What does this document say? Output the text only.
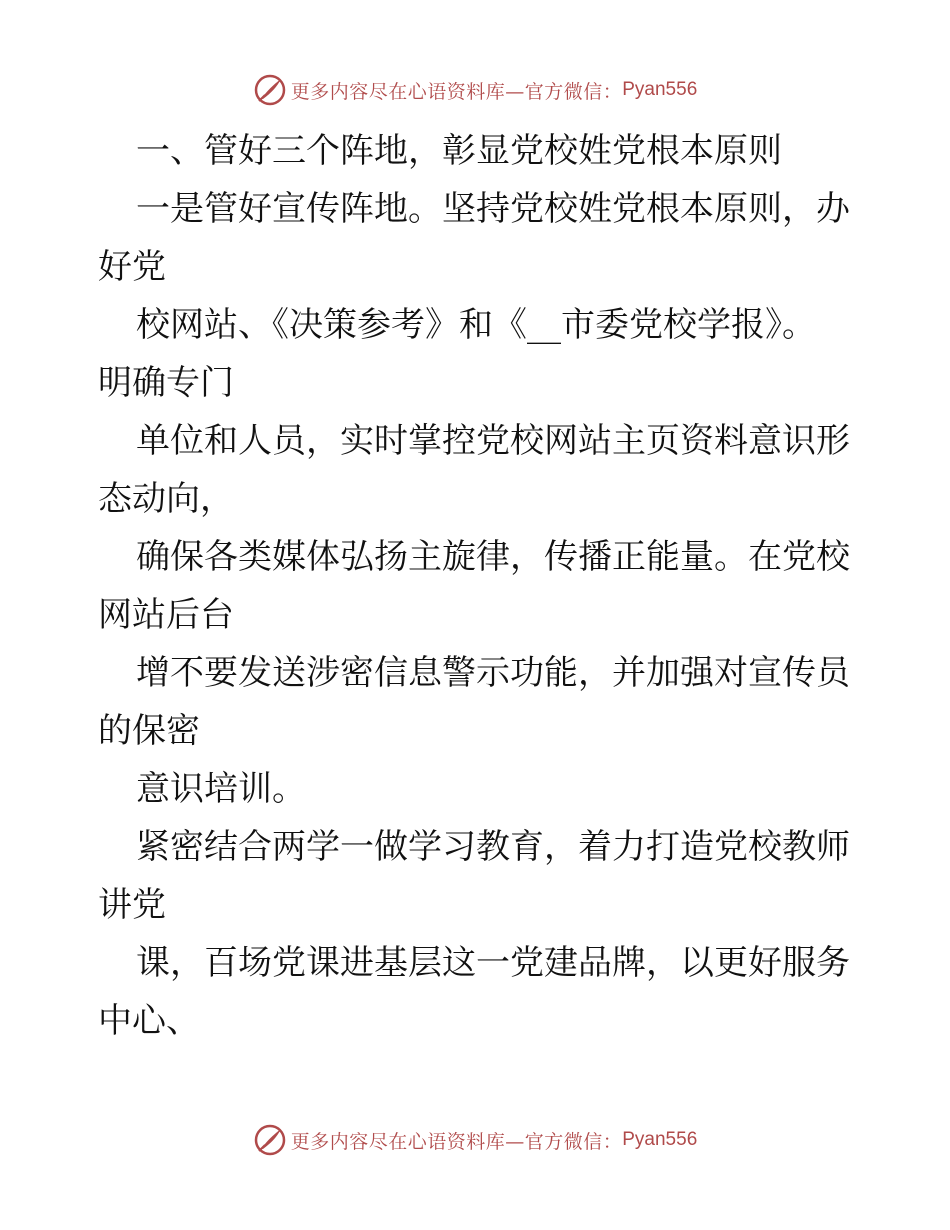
更多内容尽在心语资料库—官方微信： Pyan556
一、管好三个阵地，彰显党校姓党根本原则
一是管好宣传阵地。坚持党校姓党根本原则，办
好党
校网站、《决策参考》和《__市委党校学报》。
明确专门
单位和人员，实时掌控党校网站主页资料意识形
态动向，
确保各类媒体弘扬主旋律，传播正能量。在党校
网站后台
增不要发送涉密信息警示功能，并加强对宣传员
的保密
意识培训。
紧密结合两学一做学习教育，着力打造党校教师
讲党
课，百场党课进基层这一党建品牌，以更好服务
中心、
更多内容尽在心语资料库—官方微信： Pyan556
